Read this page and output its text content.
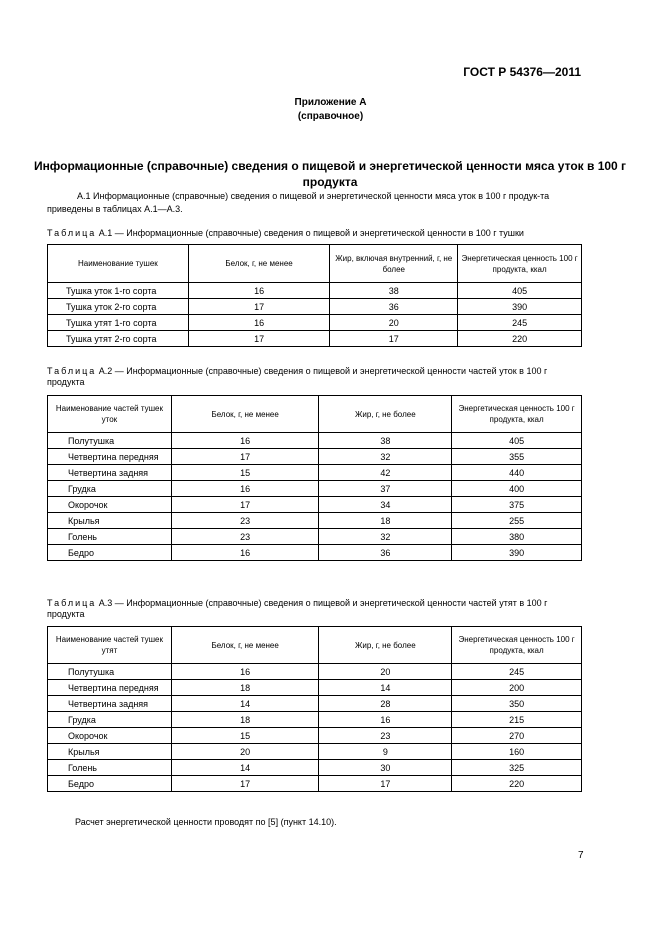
ГОСТ Р 54376—2011
Приложение А
(справочное)
Информационные (справочные) сведения о пищевой и энергетической ценности мяса уток в 100 г продукта
А.1 Информационные (справочные) сведения о пищевой и энергетической ценности мяса уток в 100 г продук-та приведены в таблицах А.1—А.3.
Таблица А.1 — Информационные (справочные) сведения о пищевой и энергетической ценности в 100 г тушки
Наименование тушек	Белок, г, не менее	Жир, включая внутренний, г, не более	Энергетическая ценность 100 г продукта, ккал
Тушка уток 1-го сорта	16	38	405
Тушка уток 2-го сорта	17	36	390
Тушка утят 1-го сорта	16	20	245
Тушка утят 2-го сорта	17	17	220
Таблица А.2 — Информационные (справочные) сведения о пищевой и энергетической ценности частей уток в 100 г продукта
Наименование частей тушек уток	Белок, г, не менее	Жир, г, не более	Энергетическая ценность 100 г продукта, ккал
Полутушка	16	38	405
Четвертина передняя	17	32	355
Четвертина задняя	15	42	440
Грудка	16	37	400
Окорочок	17	34	375
Крылья	23	18	255
Голень	23	32	380
Бедро	16	36	390
Таблица А.3 — Информационные (справочные) сведения о пищевой и энергетической ценности частей утят в 100 г продукта
Наименование частей тушек утят	Белок, г, не менее	Жир, г, не более	Энергетическая ценность 100 г продукта, ккал
Полутушка	16	20	245
Четвертина передняя	18	14	200
Четвертина задняя	14	28	350
Грудка	18	16	215
Окорочок	15	23	270
Крылья	20	9	160
Голень	14	30	325
Бедро	17	17	220
Расчет энергетической ценности проводят по [5] (пункт 14.10).
7
